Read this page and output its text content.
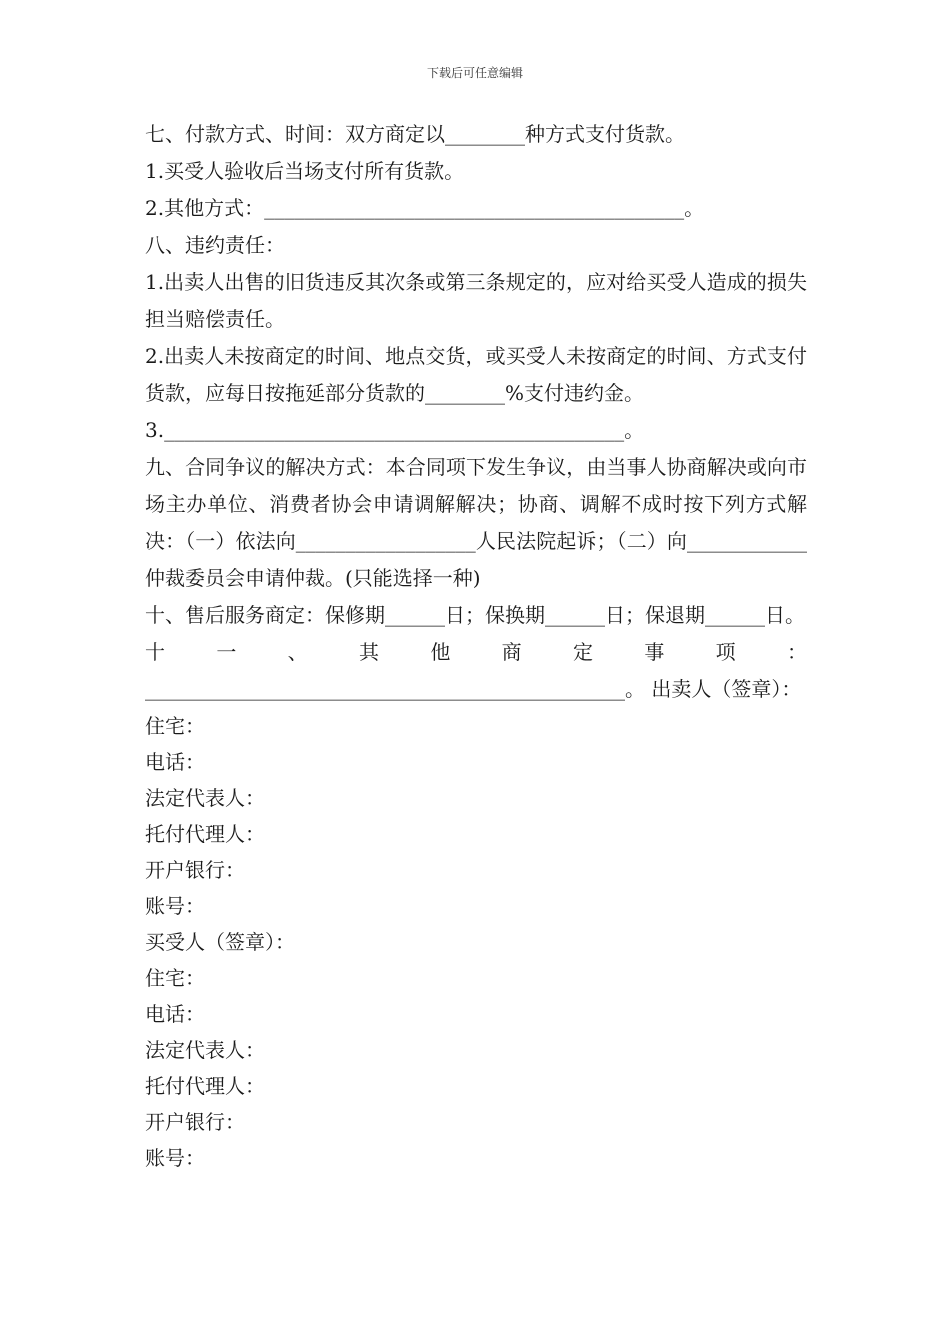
下载后可任意编辑
七、付款方式、时间：双方商定以________种方式支付货款。
1.买受人验收后当场支付所有货款。
2.其他方式：__________________________________________。
八、违约责任：
1.出卖人出售的旧货违反其次条或第三条规定的，应对给买受人造成的损失担当赔偿责任。
2.出卖人未按商定的时间、地点交货，或买受人未按商定的时间、方式支付货款，应每日按拖延部分货款的________%支付违约金。
3.______________________________________________。
九、合同争议的解决方式：本合同项下发生争议，由当事人协商解决或向市场主办单位、消费者协会申请调解解决；协商、调解不成时按下列方式解决：（一）依法向__________________人民法院起诉；（二）向____________仲裁委员会申请仲裁。(只能选择一种)
十、售后服务商定：保修期______日；保换期______日；保退期______日。
十一、其他商定事项：________________________________________________。 出卖人（签章）：
住宅：
电话：
法定代表人：
托付代理人：
开户银行：
账号：
买受人（签章）：
住宅：
电话：
法定代表人：
托付代理人：
开户银行：
账号：
